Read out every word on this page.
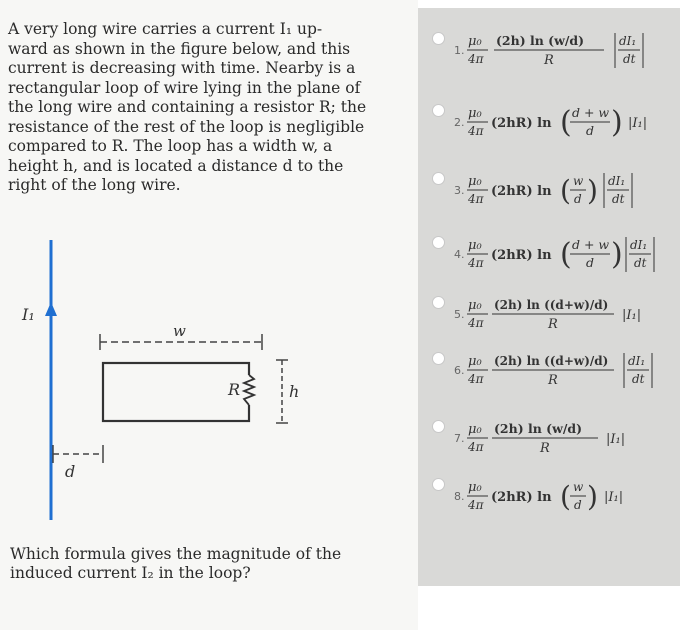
A very long wire carries a current I₁ up-
ward as shown in the figure below, and this
current is decreasing with time. Nearby is a
rectangular loop of wire lying in the plane of
the long wire and containing a resistor R; the
resistance of the rest of the loop is negligible
compared to R. The loop has a width w, a
height h, and is located a distance d to the
right of the long wire.
I₁
w
R	h
d
Which formula gives the magnitude of the
induced current I₂ in the loop?
1.
μ₀
4π
(2h) ln (w/d)
R
dI₁
dt
2.
μ₀
4π (2hR) ln ( d + w
d ) |I₁|
3.
μ₀
4π (2hR) ln ( w
d ) dI₁
dt
4.
μ₀
4π (2hR) ln ( d + w
d ) dI₁
dt
5.
μ₀
4π
(2h) ln ((d+w)/d)
R
|I₁|
6.
μ₀
4π
(2h) ln ((d+w)/d)
R
dI₁
dt
7.
μ₀
4π
(2h) ln (w/d)
R
|I₁|
8.
μ₀
4π (2hR) ln ( w
d ) |I₁|
